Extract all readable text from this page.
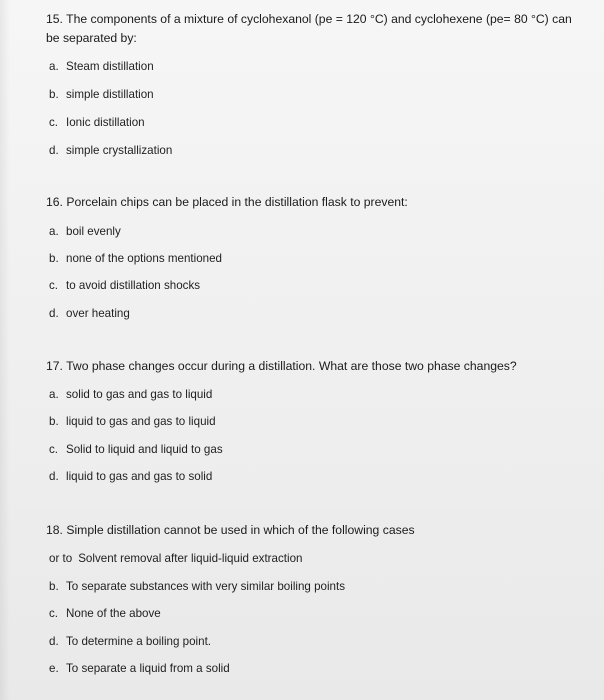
15. The components of a mixture of cyclohexanol (pe = 120 °C) and cyclohexene (pe= 80 °C) can be separated by:

a. Steam distillation
b. simple distillation
c. Ionic distillation
d. simple crystallization

16. Porcelain chips can be placed in the distillation flask to prevent:

a. boil evenly
b. none of the options mentioned
c. to avoid distillation shocks
d. over heating

17. Two phase changes occur during a distillation. What are those two phase changes?

a. solid to gas and gas to liquid
b. liquid to gas and gas to liquid
c. Solid to liquid and liquid to gas
d. liquid to gas and gas to solid

18. Simple distillation cannot be used in which of the following cases

or to Solvent removal after liquid-liquid extraction
b. To separate substances with very similar boiling points
c. None of the above
d. To determine a boiling point.
e. To separate a liquid from a solid
